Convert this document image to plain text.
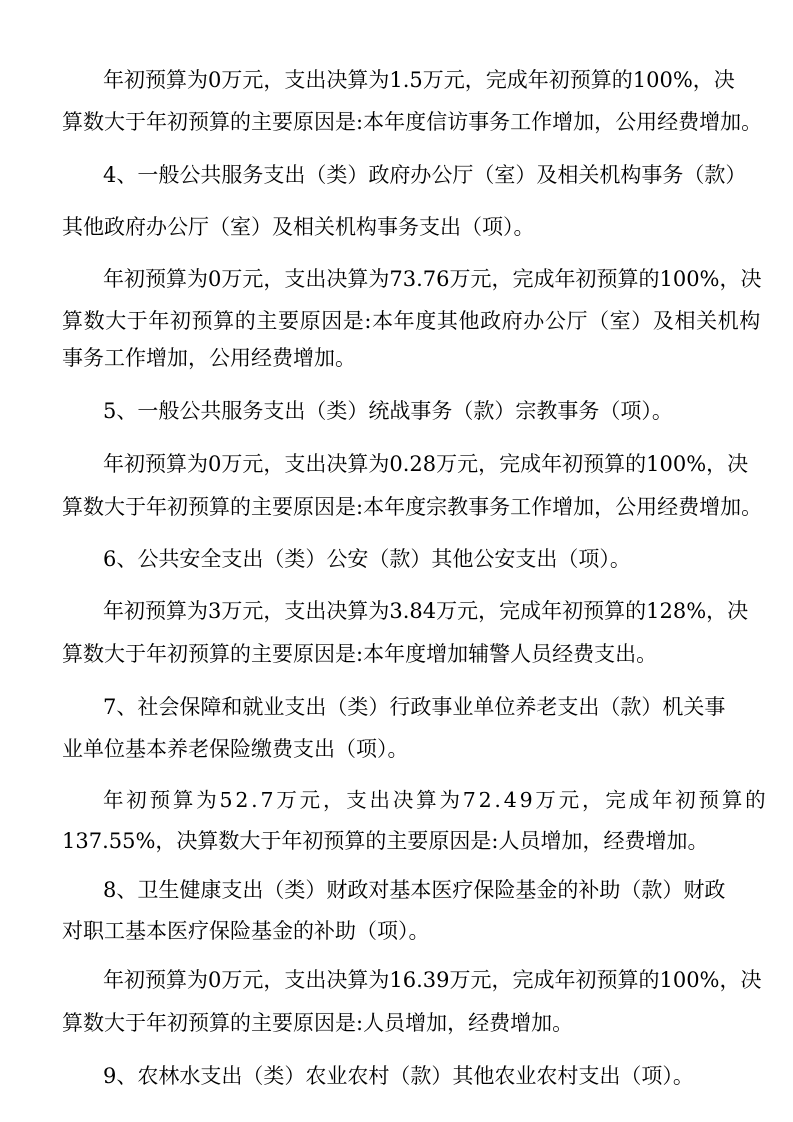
年初预算为0万元，支出决算为1.5万元，完成年初预算的100%，决
算数大于年初预算的主要原因是:本年度信访事务工作增加，公用经费增加。
4、一般公共服务支出（类）政府办公厅（室）及相关机构事务（款）
其他政府办公厅（室）及相关机构事务支出（项）。
年初预算为0万元，支出决算为73.76万元，完成年初预算的100%，决
算数大于年初预算的主要原因是:本年度其他政府办公厅（室）及相关机构
事务工作增加，公用经费增加。
5、一般公共服务支出（类）统战事务（款）宗教事务（项）。
年初预算为0万元，支出决算为0.28万元，完成年初预算的100%，决
算数大于年初预算的主要原因是:本年度宗教事务工作增加，公用经费增加。
6、公共安全支出（类）公安（款）其他公安支出（项）。
年初预算为3万元，支出决算为3.84万元，完成年初预算的128%，决
算数大于年初预算的主要原因是:本年度增加辅警人员经费支出。
7、社会保障和就业支出（类）行政事业单位养老支出（款）机关事
业单位基本养老保险缴费支出（项）。
年初预算为52.7万元，支出决算为72.49万元，完成年初预算的
137.55%，决算数大于年初预算的主要原因是:人员增加，经费增加。
8、卫生健康支出（类）财政对基本医疗保险基金的补助（款）财政
对职工基本医疗保险基金的补助（项）。
年初预算为0万元，支出决算为16.39万元，完成年初预算的100%，决
算数大于年初预算的主要原因是:人员增加，经费增加。
9、农林水支出（类）农业农村（款）其他农业农村支出（项）。
